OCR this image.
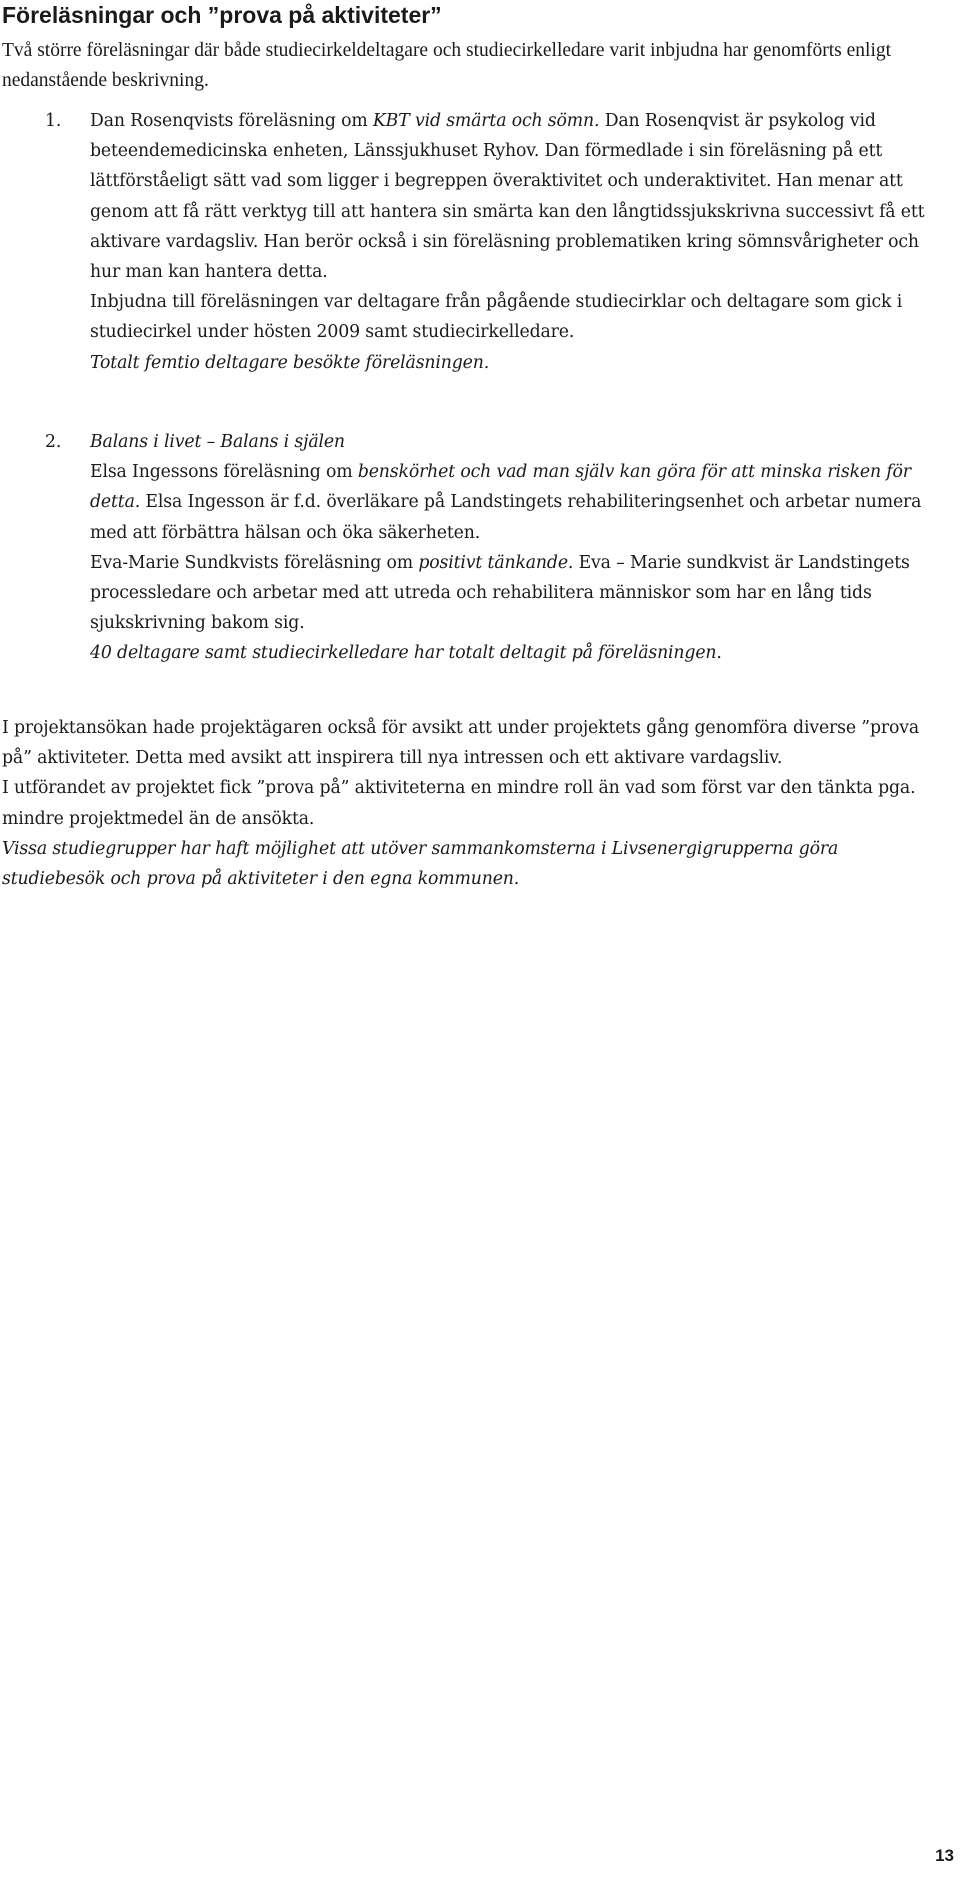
Föreläsningar och ”prova på aktiviteter”
Två större föreläsningar där både studiecirkeldeltagare och studiecirkelledare varit inbjudna har genomförts enligt nedanstående beskrivning.
1.	Dan Rosenqvists föreläsning om KBT vid smärta och sömn. Dan Rosenqvist är psykolog vid beteendemedicinska enheten, Länssjukhuset Ryhov. Dan förmedlade i sin föreläsning på ett lättförståeligt sätt vad som ligger i begreppen överaktivitet och underaktivitet. Han menar att genom att få rätt verktyg till att hantera sin smärta kan den långtidssjukskrivna successivt få ett aktivare vardagsliv. Han berör också i sin föreläsning problematiken kring sömnsvårigheter och hur man kan hantera detta.

Inbjudna till föreläsningen var deltagare från pågående studiecirklar och deltagare som gick i studiecirkel under hösten 2009 samt studiecirkelledare.

Totalt femtio deltagare besökte föreläsningen.

2.	Balans i livet – Balans i själen

Elsa Ingessons föreläsning om benskörhet och vad man själv kan göra för att minska risken för detta. Elsa Ingesson är f.d. överläkare på Landstingets rehabiliteringsenhet och arbetar numera med att förbättra hälsan och öka säkerheten.

Eva-Marie Sundkvists föreläsning om positivt tänkande. Eva – Marie sundkvist är Landstingets processledare och arbetar med att utreda och rehabilitera människor som har en lång tids sjukskrivning bakom sig.

40 deltagare samt studiecirkelledare har totalt deltagit på föreläsningen.

I projektansökan hade projektägaren också för avsikt att under projektets gång genomföra diverse ”prova på” aktiviteter. Detta med avsikt att inspirera till nya intressen och ett aktivare vardagsliv.

I utförandet av projektet fick ”prova på” aktiviteterna en mindre roll än vad som först var den tänkta pga. mindre projektmedel än de ansökta.

Vissa studiegrupper har haft möjlighet att utöver sammankomsterna i Livsenergigrupperna göra studiebesök och prova på aktiviteter i den egna kommunen.

13
